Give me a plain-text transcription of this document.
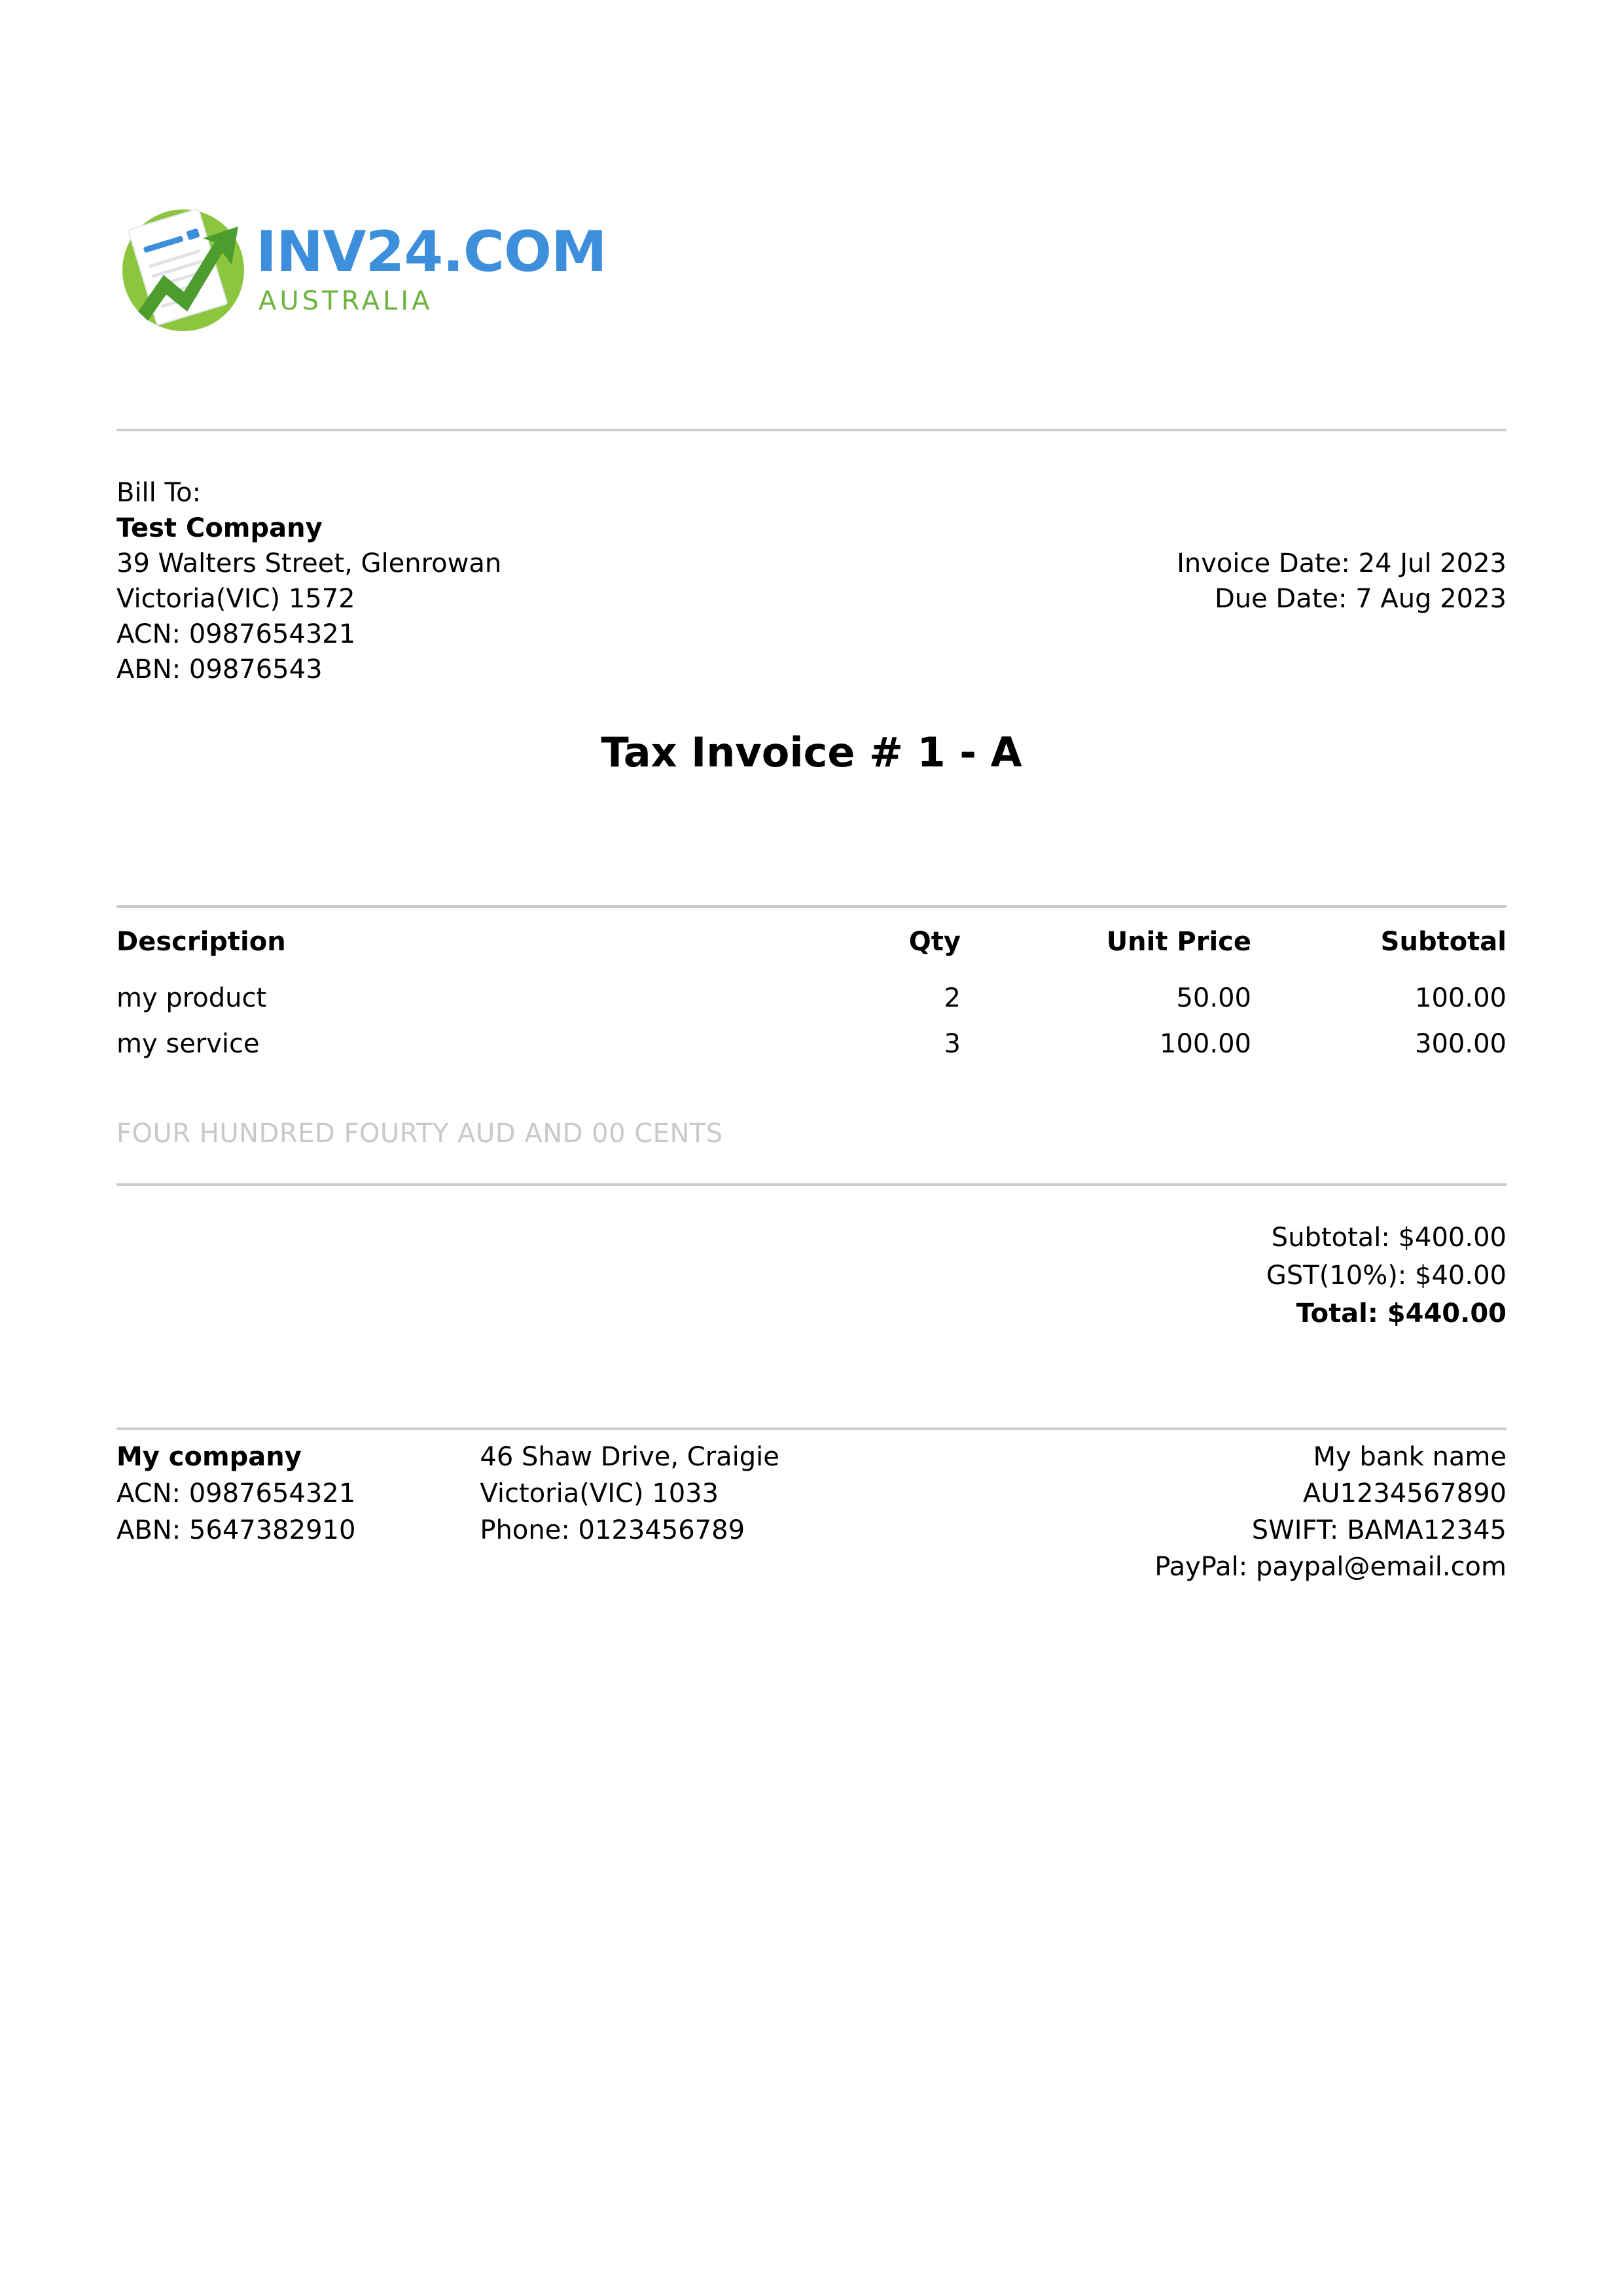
INV24.COM
AUSTRALIA
Bill To:
Test Company
39 Walters Street, Glenrowan
Victoria(VIC) 1572
ACN: 0987654321
ABN: 09876543
Invoice Date: 24 Jul 2023
Due Date: 7 Aug 2023
Tax Invoice # 1 - A
Description	Qty	Unit Price	Subtotal
my product	2	50.00	100.00
my service	3	100.00	300.00
FOUR HUNDRED FOURTY AUD AND 00 CENTS
Subtotal: $400.00
GST(10%): $40.00
Total: $440.00
My company
ACN: 0987654321
ABN: 5647382910
46 Shaw Drive, Craigie
Victoria(VIC) 1033
Phone: 0123456789
My bank name
AU1234567890
SWIFT: BAMA12345
PayPal: paypal@email.com
